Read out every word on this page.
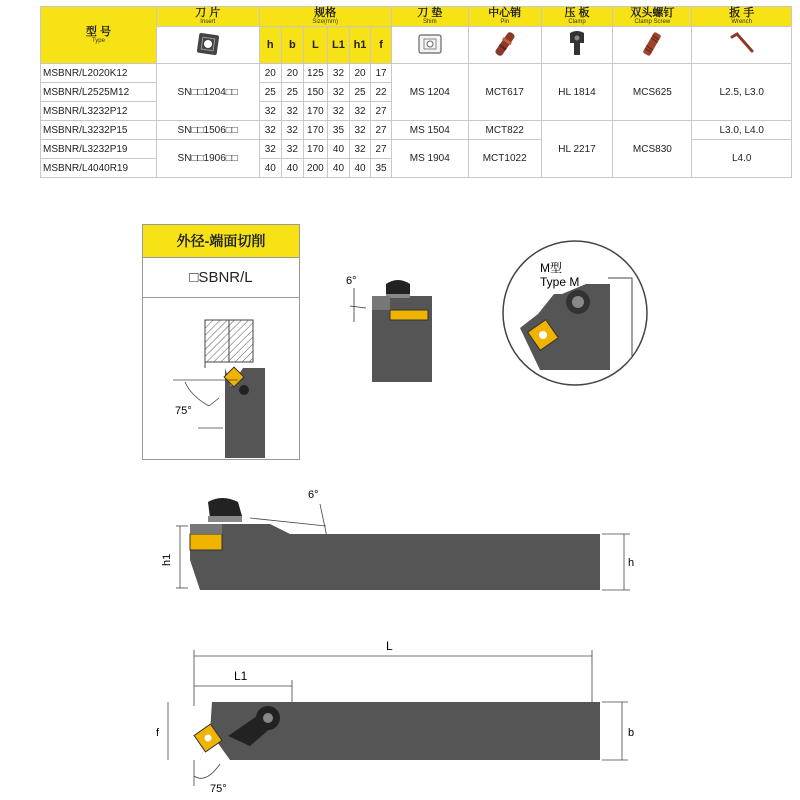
型 号
Type	刀 片
Insert	规格
Size(mm)						刀 垫
Shim	中心销
Pin	压 板
Clamp	双头螺钉
Clamp Screw	扳 手
Wrench

	h	b	L	L1	h1	f					
MSBNR/L2020K12	SN□□1204□□	20	20	125	32	20	17	MS 1204	MCT617	HL 1814	MCS625	L2.5, L3.0
MSBNR/L2525M12		25	25	150	32	25	22					
MSBNR/L3232P12		32	32	170	32	32	27					
MSBNR/L3232P15	SN□□1506□□	32	32	170	35	32	27	MS 1504	MCT822	HL 2217	MCS830	L3.0, L4.0
MSBNR/L3232P19	SN□□1906□□	32	32	170	40	32	27	MS 1904	MCT1022			L4.0
MSBNR/L4040R19		40	40	200	40	40	35					
外径-端面切削
□SBNR/L
75°
6°
M型
Type M
6°
h1	h
L
L1
f	b
75°
